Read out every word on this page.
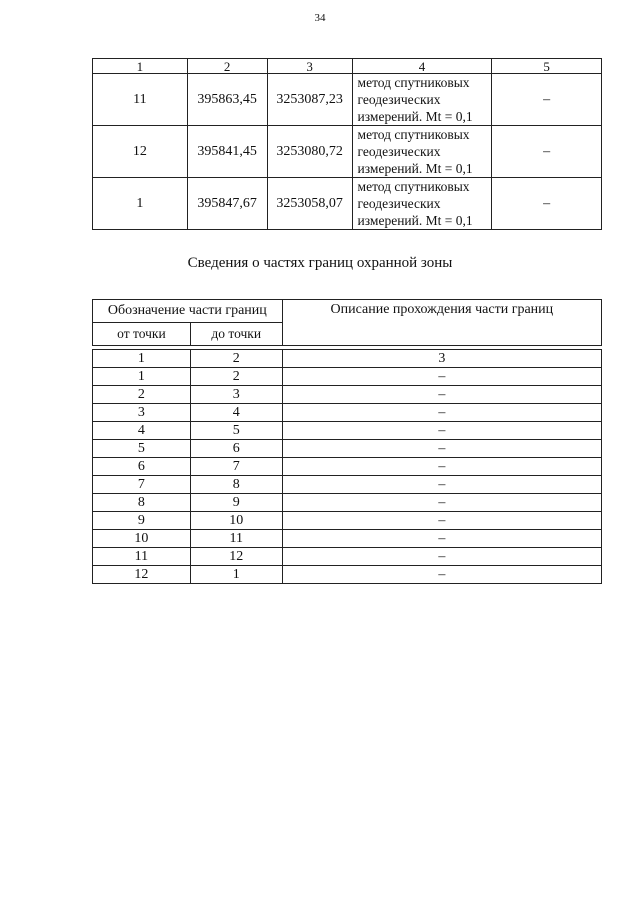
34
1	2	3	4	5
11	395863,45	3253087,23	метод спутниковых
геодезических
измерений. Mt = 0,1	–
12	395841,45	3253080,72	метод спутниковых
геодезических
измерений. Mt = 0,1	–
1	395847,67	3253058,07	метод спутниковых
геодезических
измерений. Mt = 0,1	–
Сведения о частях границ охранной зоны
Обозначение части границ		Описание прохождения части границ
от точки	до точки	

1	2	3
1	2	–
2	3	–
3	4	–
4	5	–
5	6	–
6	7	–
7	8	–
8	9	–
9	10	–
10	11	–
11	12	–
12	1	–
